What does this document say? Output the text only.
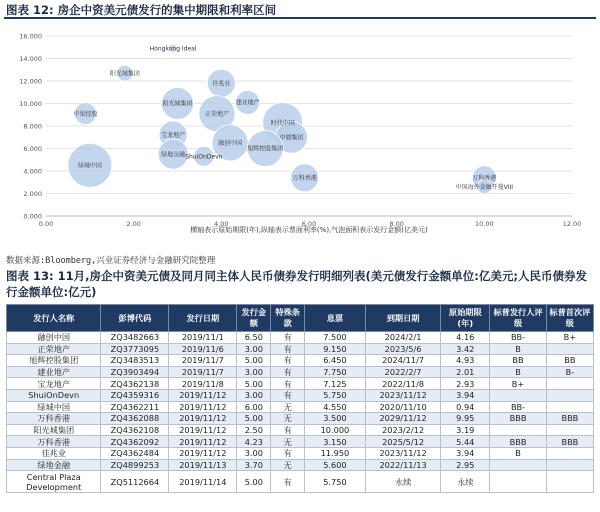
图表 12: 房企中资美元债发行的集中期限和利率区间
0.000
2.000
4.000
6.000
8.000
10.000
12.000
14.000
16.000
0.00	2.00	4.00	6.00	8.00	10.00	12.00
Hongkong Ideal
阳光城集团
佳兆业
中梁控股
阳光城集团	建业地产
正荣地产
时代中国
宝龙地产
融创中国
中骏集团
旭辉控股集团
绿城中国
绿地金融 ShuiOnDevn
万科香港	万科香港
中国海外金融开曼VIII
横轴表示原始期限(年),纵轴表示票面利率(%),气泡面积表示发行金额(亿美元)
数据来源:Bloomberg,兴业证券经济与金融研究院整理
图表 13: 11月,房企中资美元债及同月同主体人民币债券发行明细列表(美元债发行金额单位:亿美元;人民币债券发行金额单位:亿元)
发行人名称	彭博代码	发行日期	发行金额	特殊条款	息票	到期日期	原始期限(年)	标普发行人评级	标普首次评级
融创中国	ZQ3482663	2019/11/1	6.50	有	7.500	2024/2/1	4.16	BB-	B+
正荣地产	ZQ3773095	2019/11/6	3.00	有	9.150	2023/5/6	3.42	B	
旭辉控股集团	ZQ3483513	2019/11/7	5.00	有	6.450	2024/11/7	4.93	BB	BB
建业地产	ZQ3903494	2019/11/7	3.00	有	7.750	2022/2/7	2.01	B	B-
宝龙地产	ZQ4362138	2019/11/8	5.00	有	7.125	2022/11/8	2.93	B+	
ShuiOnDevn	ZQ4359316	2019/11/12	3.00	有	5.750	2023/11/12	3.94		
绿城中国	ZQ4362211	2019/11/12	6.00	无	4.550	2020/11/10	0.94	BB-	
万科香港	ZQ4362088	2019/11/12	5.00	无	3.500	2029/11/12	9.95	BBB	BBB
阳光城集团	ZQ4362108	2019/11/12	2.50	有	10.000	2023/2/12	3.19		
万科香港	ZQ4362092	2019/11/12	4.23	无	3.150	2025/5/12	5.44	BBB	BBB
佳兆业	ZQ4362484	2019/11/12	3.00	有	11.950	2023/11/12	3.94	B	
绿地金融	ZQ4899253	2019/11/13	3.70	无	5.600	2022/11/13	2.95		
Central Plaza Development	ZQ5112664	2019/11/14	5.00	有	5.750	永续	永续		
